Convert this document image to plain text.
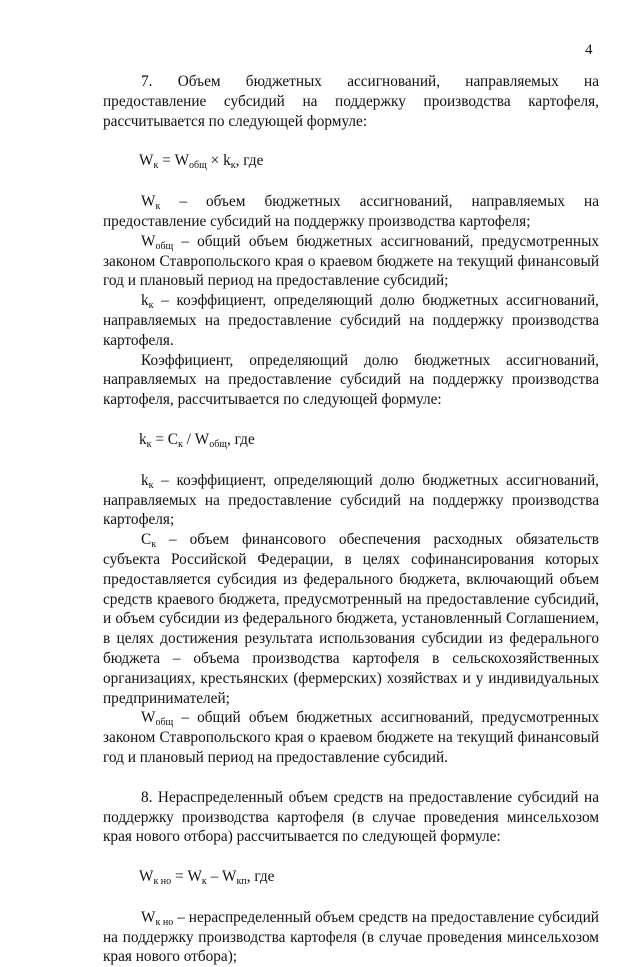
4

7. Объем бюджетных ассигнований, направляемых на предоставление субсидий на поддержку производства картофеля, рассчитывается по следующей формуле:

$W_к = W_{общ} \times k_к$, где

$W_к$ – объем бюджетных ассигнований, направляемых на предоставление субсидий на поддержку производства картофеля;

$W_{общ}$ – общий объем бюджетных ассигнований, предусмотренных законом Ставропольского края о краевом бюджете на текущий финансовый год и плановый период на предоставление субсидий;

$k_к$ – коэффициент, определяющий долю бюджетных ассигнований, направляемых на предоставление субсидий на поддержку производства картофеля.

Коэффициент, определяющий долю бюджетных ассигнований, направляемых на предоставление субсидий на поддержку производства картофеля, рассчитывается по следующей формуле:

$k_к = C_к / W_{общ}$, где

$k_к$ – коэффициент, определяющий долю бюджетных ассигнований, направляемых на предоставление субсидий на поддержку производства картофеля;

$C_к$ – объем финансового обеспечения расходных обязательств субъекта Российской Федерации, в целях софинансирования которых предоставляется субсидия из федерального бюджета, включающий объем средств краевого бюджета, предусмотренный на предоставление субсидий, и объем субсидии из федерального бюджета, установленный Соглашением, в целях достижения результата использования субсидии из федерального бюджета – объема производства картофеля в сельскохозяйственных организациях, крестьянских (фермерских) хозяйствах и у индивидуальных предпринимателей;

$W_{общ}$ – общий объем бюджетных ассигнований, предусмотренных законом Ставропольского края о краевом бюджете на текущий финансовый год и плановый период на предоставление субсидий.

8. Нераспределенный объем средств на предоставление субсидий на поддержку производства картофеля (в случае проведения минсельхозом края нового отбора) рассчитывается по следующей формуле:

$W_{к но} = W_к - W_{кп}$, где

$W_{к но}$ – нераспределенный объем средств на предоставление субсидий на поддержку производства картофеля (в случае проведения минсельхозом края нового отбора);
